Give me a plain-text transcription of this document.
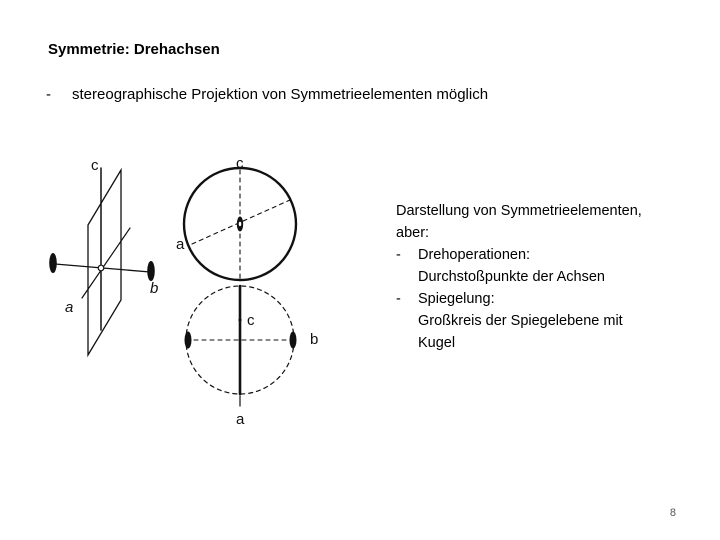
Symmetrie: Drehachsen
- stereographische Projektion von Symmetrieelementen möglich
c
a
b
c
a
c
b
a
Darstellung von Symmetrieelementen,
aber:
- Drehoperationen:
Durchstoßpunkte der Achsen
- Spiegelung:
Großkreis der Spiegelebene mit
Kugel
8
